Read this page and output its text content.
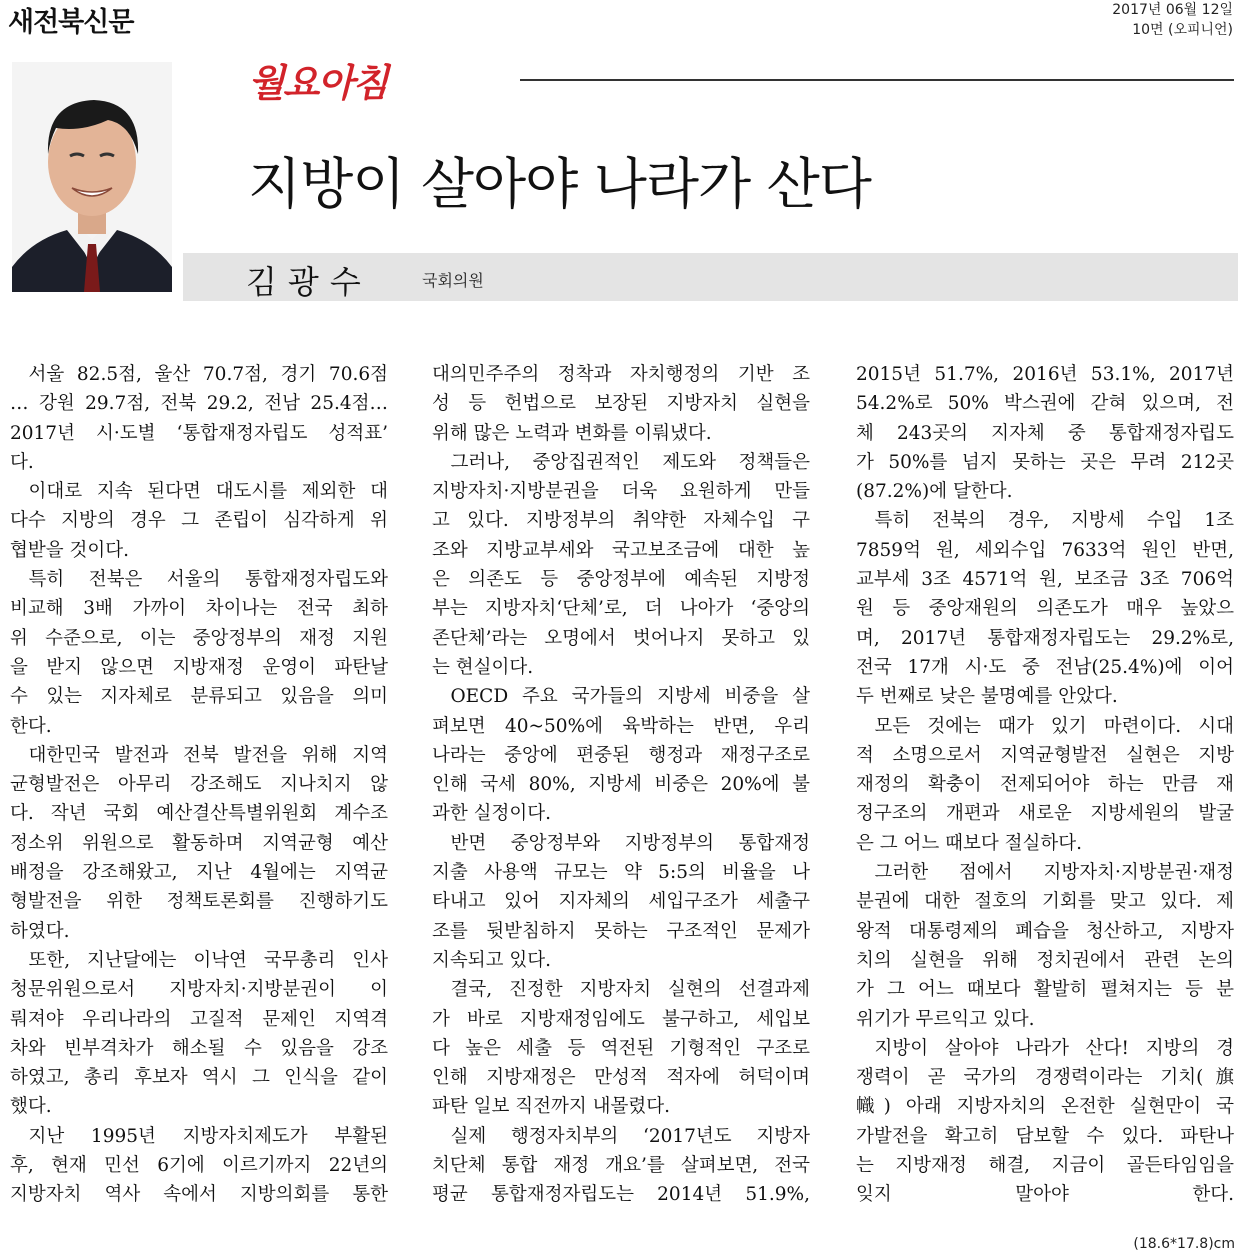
새전북신문	2017년 06월 12일
10면 (오피니언)
월요아침
지방이 살아야 나라가 산다
김광수	국회의원
서울 82.5점, 울산 70.7점, 경기 70.6점
… 강원 29.7점, 전북 29.2, 전남 25.4점…
2017년 시·도별 ‘통합재정자립도 성적표’
다.
이대로 지속 된다면 대도시를 제외한 대
다수 지방의 경우 그 존립이 심각하게 위
협받을 것이다.
특히 전북은 서울의 통합재정자립도와
비교해 3배 가까이 차이나는 전국 최하
위 수준으로, 이는 중앙정부의 재정 지원
을 받지 않으면 지방재정 운영이 파탄날
수 있는 지자체로 분류되고 있음을 의미
한다.
대한민국 발전과 전북 발전을 위해 지역
균형발전은 아무리 강조해도 지나치지 않
다. 작년 국회 예산결산특별위원회 계수조
정소위 위원으로 활동하며 지역균형 예산
배정을 강조해왔고, 지난 4월에는 지역균
형발전을 위한 정책토론회를 진행하기도
하였다.
또한, 지난달에는 이낙연 국무총리 인사
청문위원으로서 지방자치·지방분권이 이
뤄져야 우리나라의 고질적 문제인 지역격
차와 빈부격차가 해소될 수 있음을 강조
하였고, 총리 후보자 역시 그 인식을 같이
했다.
지난 1995년 지방자치제도가 부활된
후, 현재 민선 6기에 이르기까지 22년의
지방자치 역사 속에서 지방의회를 통한
대의민주주의 정착과 자치행정의 기반 조
성 등 헌법으로 보장된 지방자치 실현을
위해 많은 노력과 변화를 이뤄냈다.
그러나, 중앙집권적인 제도와 정책들은
지방자치·지방분권을 더욱 요원하게 만들
고 있다. 지방정부의 취약한 자체수입 구
조와 지방교부세와 국고보조금에 대한 높
은 의존도 등 중앙정부에 예속된 지방정
부는 지방자치‘단체’로, 더 나아가 ‘중앙의
존단체’라는 오명에서 벗어나지 못하고 있
는 현실이다.
OECD 주요 국가들의 지방세 비중을 살
펴보면 40~50%에 육박하는 반면, 우리
나라는 중앙에 편중된 행정과 재정구조로
인해 국세 80%, 지방세 비중은 20%에 불
과한 실정이다.
반면 중앙정부와 지방정부의 통합재정
지출 사용액 규모는 약 5:5의 비율을 나
타내고 있어 지자체의 세입구조가 세출구
조를 뒷받침하지 못하는 구조적인 문제가
지속되고 있다.
결국, 진정한 지방자치 실현의 선결과제
가 바로 지방재정임에도 불구하고, 세입보
다 높은 세출 등 역전된 기형적인 구조로
인해 지방재정은 만성적 적자에 허덕이며
파탄 일보 직전까지 내몰렸다.
실제 행정자치부의 ‘2017년도 지방자
치단체 통합 재정 개요’를 살펴보면, 전국
평균 통합재정자립도는 2014년 51.9%,
2015년 51.7%, 2016년 53.1%, 2017년
54.2%로 50% 박스권에 갇혀 있으며, 전
체 243곳의 지자체 중 통합재정자립도
가 50%를 넘지 못하는 곳은 무려 212곳
(87.2%)에 달한다.
특히 전북의 경우, 지방세 수입 1조
7859억 원, 세외수입 7633억 원인 반면,
교부세 3조 4571억 원, 보조금 3조 706억
원 등 중앙재원의 의존도가 매우 높았으
며, 2017년 통합재정자립도는 29.2%로,
전국 17개 시·도 중 전남(25.4%)에 이어
두 번째로 낮은 불명예를 안았다.
모든 것에는 때가 있기 마련이다. 시대
적 소명으로서 지역균형발전 실현은 지방
재정의 확충이 전제되어야 하는 만큼 재
정구조의 개편과 새로운 지방세원의 발굴
은 그 어느 때보다 절실하다.
그러한 점에서 지방자치·지방분권·재정
분권에 대한 절호의 기회를 맞고 있다. 제
왕적 대통령제의 폐습을 청산하고, 지방자
치의 실현을 위해 정치권에서 관련 논의
가 그 어느 때보다 활발히 펼쳐지는 등 분
위기가 무르익고 있다.
지방이 살아야 나라가 산다! 지방의 경
쟁력이 곧 국가의 경쟁력이라는 기치(旗
幟) 아래 지방자치의 온전한 실현만이 국
가발전을 확고히 담보할 수 있다. 파탄나
는 지방재정 해결, 지금이 골든타임임을
잊지 말아야 한다.
(18.6*17.8)cm
